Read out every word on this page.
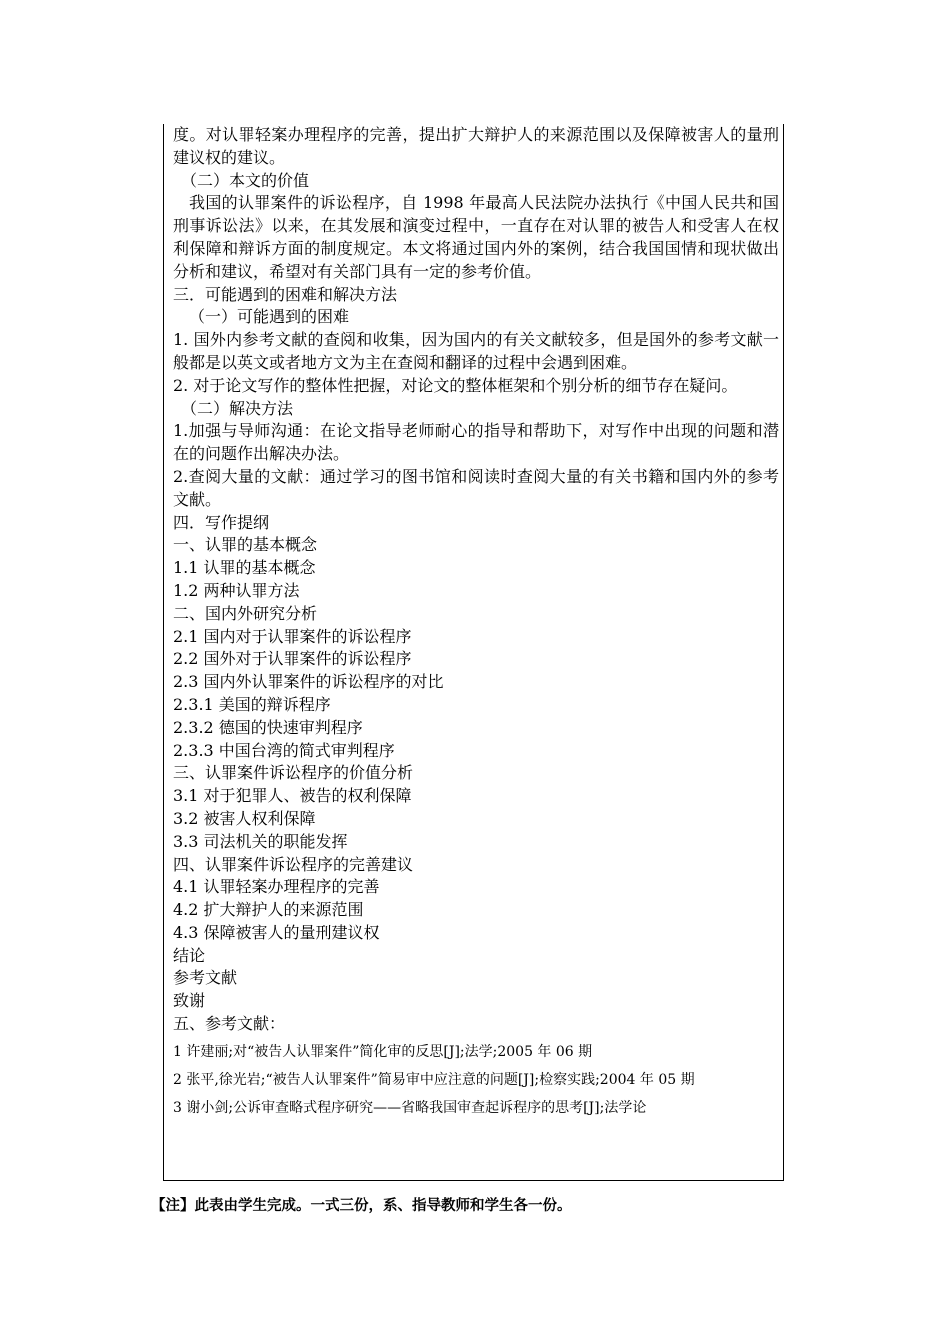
度。对认罪轻案办理程序的完善，提出扩大辩护人的来源范围以及保障被害人的量刑建议权的建议。
（二）本文的价值
我国的认罪案件的诉讼程序，自 1998 年最高人民法院办法执行《中国人民共和国刑事诉讼法》以来，在其发展和演变过程中，一直存在对认罪的被告人和受害人在权利保障和辩诉方面的制度规定。本文将通过国内外的案例，结合我国国情和现状做出分析和建议，希望对有关部门具有一定的参考价值。
三．可能遇到的困难和解决方法
（一）可能遇到的困难
1. 国外内参考文献的查阅和收集，因为国内的有关文献较多，但是国外的参考文献一般都是以英文或者地方文为主在查阅和翻译的过程中会遇到困难。
2. 对于论文写作的整体性把握，对论文的整体框架和个别分析的细节存在疑问。
（二）解决方法
1.加强与导师沟通：在论文指导老师耐心的指导和帮助下，对写作中出现的问题和潜在的问题作出解决办法。
2.查阅大量的文献：通过学习的图书馆和阅读时查阅大量的有关书籍和国内外的参考文献。
四．写作提纲
一、认罪的基本概念
1.1 认罪的基本概念
1.2 两种认罪方法
二、国内外研究分析
2.1 国内对于认罪案件的诉讼程序
2.2 国外对于认罪案件的诉讼程序
2.3 国内外认罪案件的诉讼程序的对比
2.3.1 美国的辩诉程序
2.3.2 德国的快速审判程序
2.3.3 中国台湾的简式审判程序
三、认罪案件诉讼程序的价值分析
3.1 对于犯罪人、被告的权利保障
3.2 被害人权利保障
3.3 司法机关的职能发挥
四、认罪案件诉讼程序的完善建议
4.1 认罪轻案办理程序的完善
4.2 扩大辩护人的来源范围
4.3 保障被害人的量刑建议权
结论
参考文献
致谢
五、参考文献：
1 许建丽;对“被告人认罪案件”简化审的反思[J];法学;2005 年 06 期
2 张平,徐光岩;“被告人认罪案件”简易审中应注意的问题[J];检察实践;2004 年 05 期
3 谢小剑;公诉审查略式程序研究——省略我国审查起诉程序的思考[J];法学论
【注】此表由学生完成。一式三份，系、指导教师和学生各一份。
